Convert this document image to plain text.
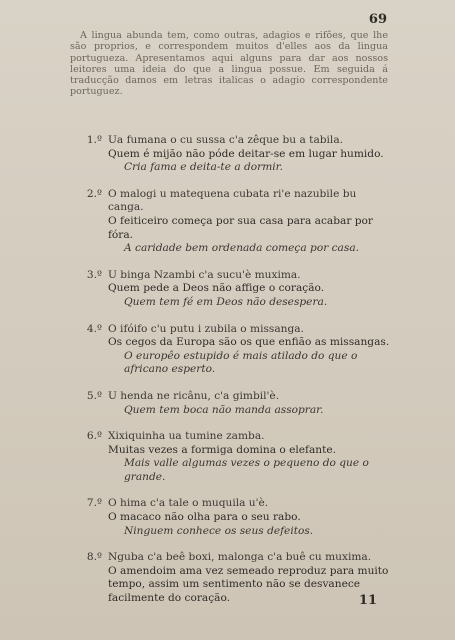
69
A lingua abunda tem, como outras, adagios e rifões, que lhe são proprios, e correspondem muitos d'elles aos da lingua portugueza. Apresentamos aqui alguns para dar aos nossos leitores uma ideia do que a lingua possue. Em seguida á traducção damos em letras italicas o adagio correspondente portuguez.
1.º Ua fumana o cu sussa c'a zêque bu a tabila.
Quem é mijão não póde deitar-se em lugar humido.
Cria fama e deita-te a dormir.
2.º O malogi u matequena cubata ri'e nazubile bu canga.
O feiticeiro começa por sua casa para acabar por fóra.
A caridade bem ordenada começa por casa.
3.º U binga Nzambi c'a sucu'è muxima.
Quem pede a Deos não affige o coração.
Quem tem fé em Deos não desespera.
4.º O ifóifo c'u putu i zubila o missanga.
Os cegos da Europa são os que enfião as missangas.
O europêo estupido é mais atilado do que o africano esperto.
5.º U henda ne ricânu, c'a gimbil'è.
Quem tem boca não manda assoprar.
6.º Xixiquinha ua tumine zamba.
Muitas vezes a formiga domina o elefante.
Mais valle algumas vezes o pequeno do que o grande.
7.º O hima c'a tale o muquila u'è.
O macaco não olha para o seu rabo.
Ninguem conhece os seus defeitos.
8.º Nguba c'a beê boxi, malonga c'a buê cu muxima.
O amendoim ama vez semeado reproduz para muito tempo, assim um sentimento não se desvanece facilmente do coração.	11
